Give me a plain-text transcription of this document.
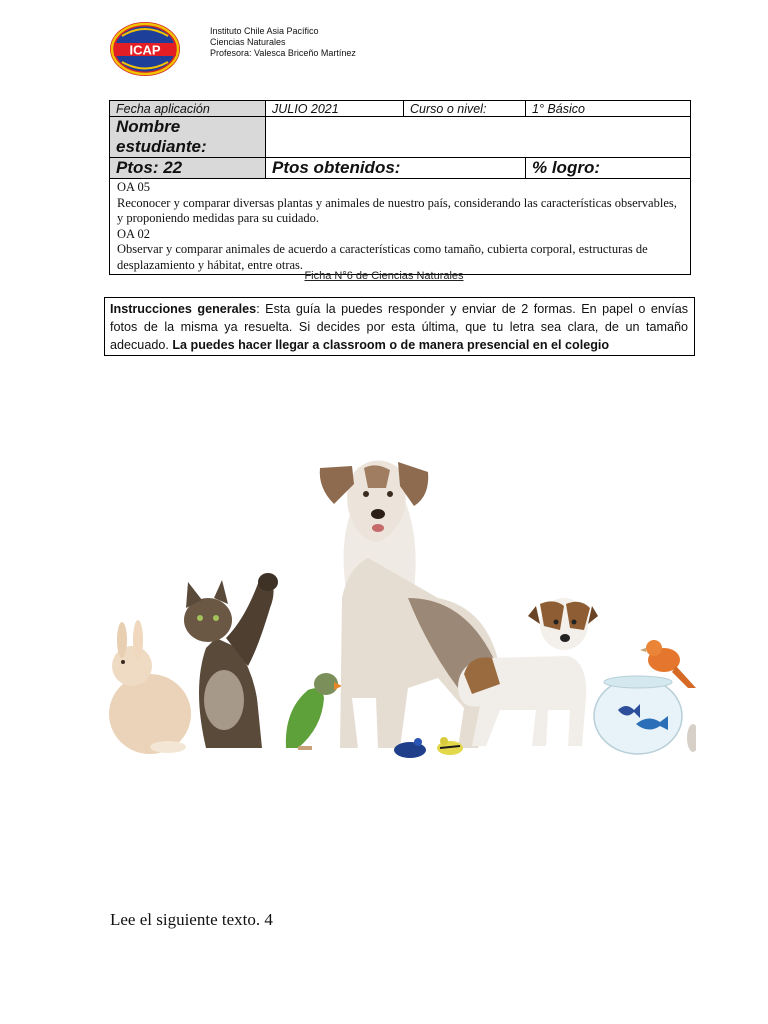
ICAP
Instituto Chile Asia Pacífico
Ciencias Naturales
Profesora: Valesca Briceño Martínez
Fecha aplicación	JULIO 2021	Curso o nivel:	1° Básico
Nombre estudiante:			
Ptos: 22	Ptos obtenidos:		% logro:

OA 05
Reconocer y comparar diversas plantas y animales de nuestro país, considerando las características observables, y proponiendo medidas para su cuidado.
OA 02
Observar y comparar animales de acuerdo a características como tamaño, cubierta corporal, estructuras de desplazamiento y hábitat, entre otras.			
Ficha N°6 de Ciencias Naturales
Instrucciones generales: Esta guía la puedes responder y enviar de 2 formas. En papel o envías fotos de la misma ya resuelta. Si decides por esta última, que tu letra sea clara, de un tamaño adecuado. La puedes hacer llegar a classroom o de manera presencial en el colegio
Lee el siguiente texto. 4
